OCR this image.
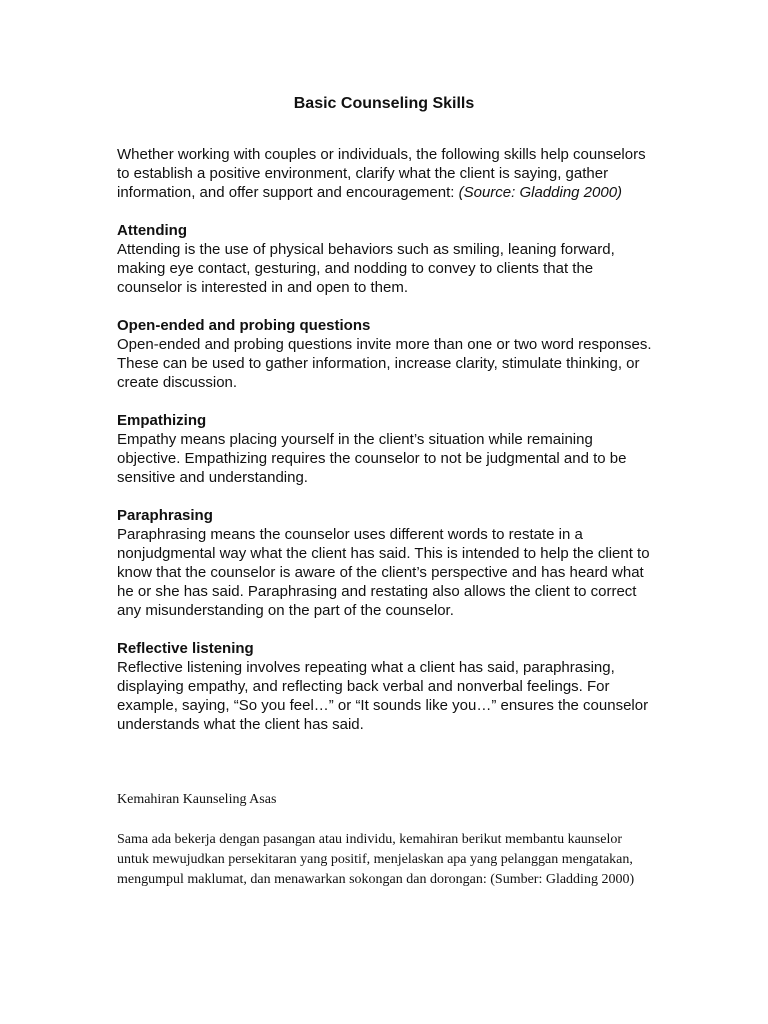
Basic Counseling Skills

Whether working with couples or individuals, the following skills help counselors to establish a positive environment, clarify what the client is saying, gather information, and offer support and encouragement: (Source: Gladding 2000)

Attending

Attending is the use of physical behaviors such as smiling, leaning forward, making eye contact, gesturing, and nodding to convey to clients that the counselor is interested in and open to them.

Open-ended and probing questions

Open-ended and probing questions invite more than one or two word responses. These can be used to gather information, increase clarity, stimulate thinking, or create discussion.

Empathizing

Empathy means placing yourself in the client’s situation while remaining objective. Empathizing requires the counselor to not be judgmental and to be sensitive and understanding.

Paraphrasing

Paraphrasing means the counselor uses different words to restate in a nonjudgmental way what the client has said. This is intended to help the client to know that the counselor is aware of the client’s perspective and has heard what he or she has said. Paraphrasing and restating also allows the client to correct any misunderstanding on the part of the counselor.

Reflective listening

Reflective listening involves repeating what a client has said, paraphrasing, displaying empathy, and reflecting back verbal and nonverbal feelings. For example, saying, “So you feel…” or “It sounds like you…” ensures the counselor understands what the client has said.

Kemahiran Kaunseling Asas

Sama ada bekerja dengan pasangan atau individu, kemahiran berikut membantu kaunselor untuk mewujudkan persekitaran yang positif, menjelaskan apa yang pelanggan mengatakan, mengumpul maklumat, dan menawarkan sokongan dan dorongan: (Sumber: Gladding 2000)
